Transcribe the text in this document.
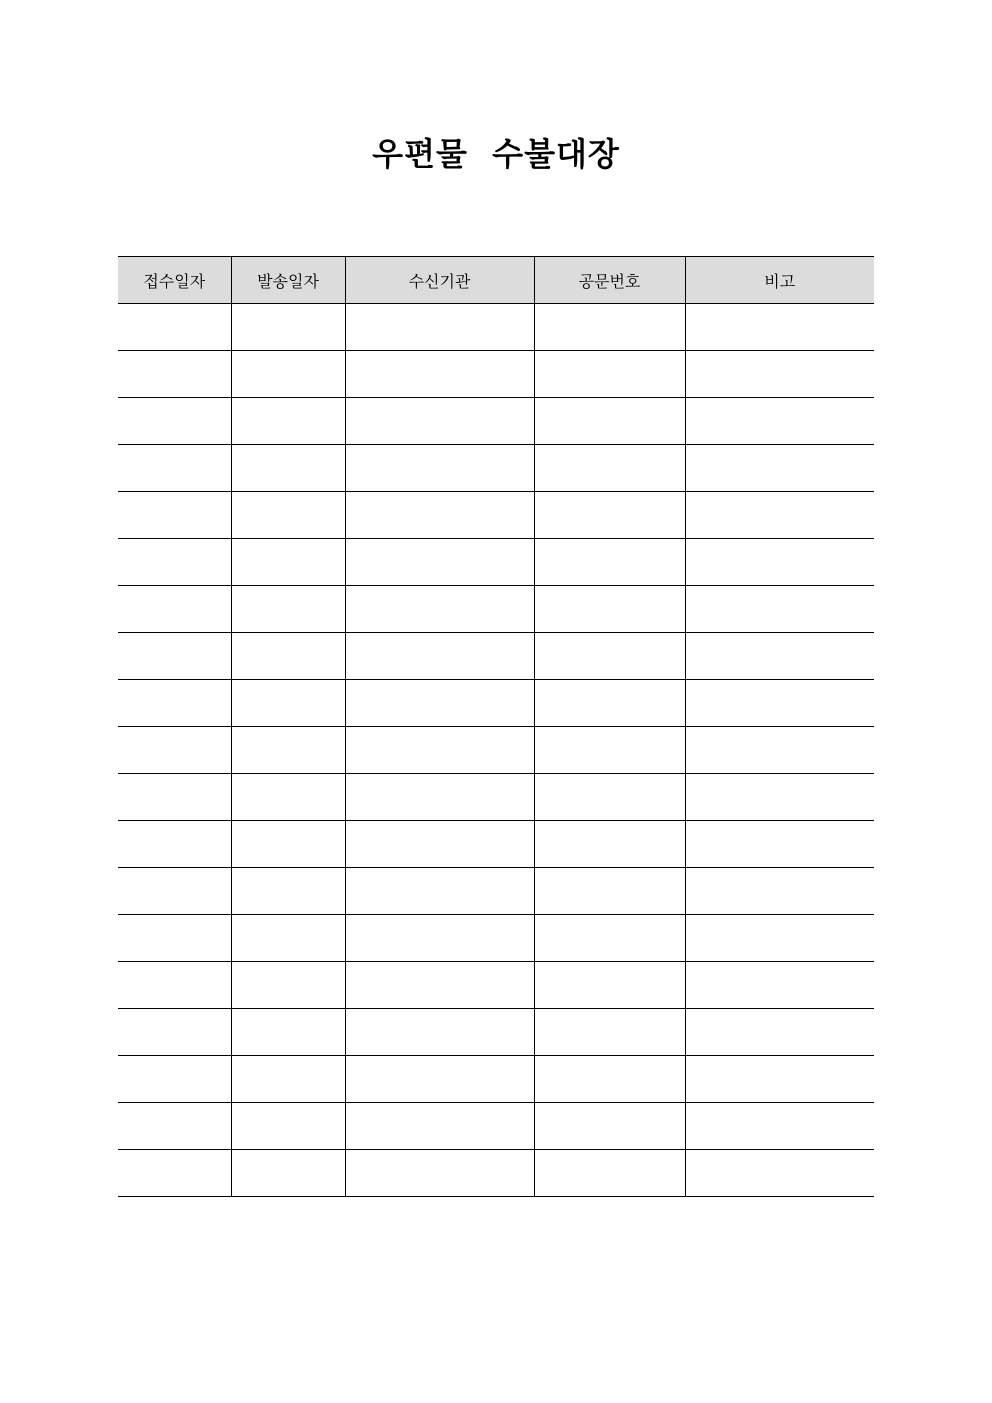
우편물  수불대장
접수일자	발송일자	수신기관	공문번호	비고
